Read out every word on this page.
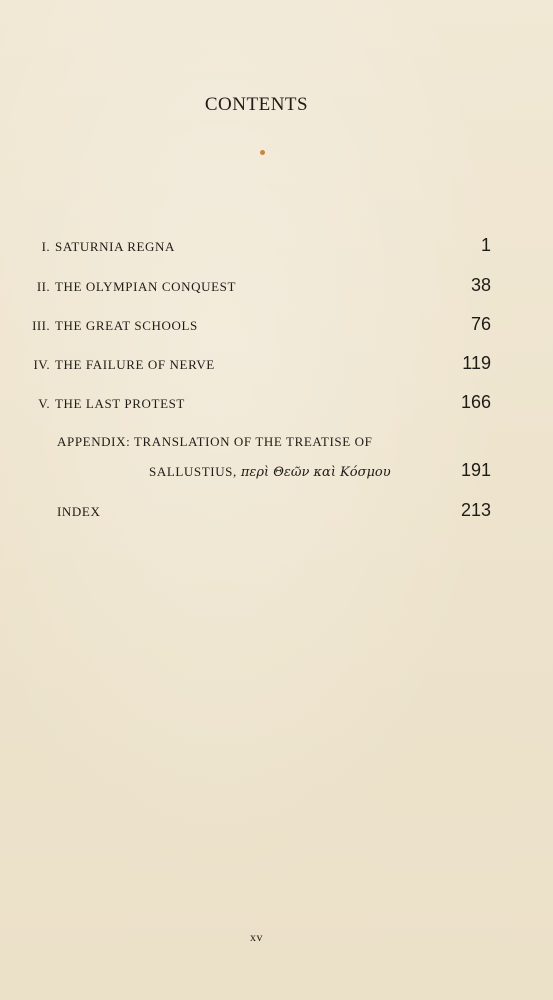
CONTENTS
I. SATURNIA REGNA	1
II. THE OLYMPIAN CONQUEST	38
III. THE GREAT SCHOOLS	76
IV. THE FAILURE OF NERVE	119
V. THE LAST PROTEST	166
APPENDIX: TRANSLATION OF THE TREATISE OF
SALLUSTIUS, περὶ Θεῶν καὶ Κόσμου	191
INDEX	213
xv
